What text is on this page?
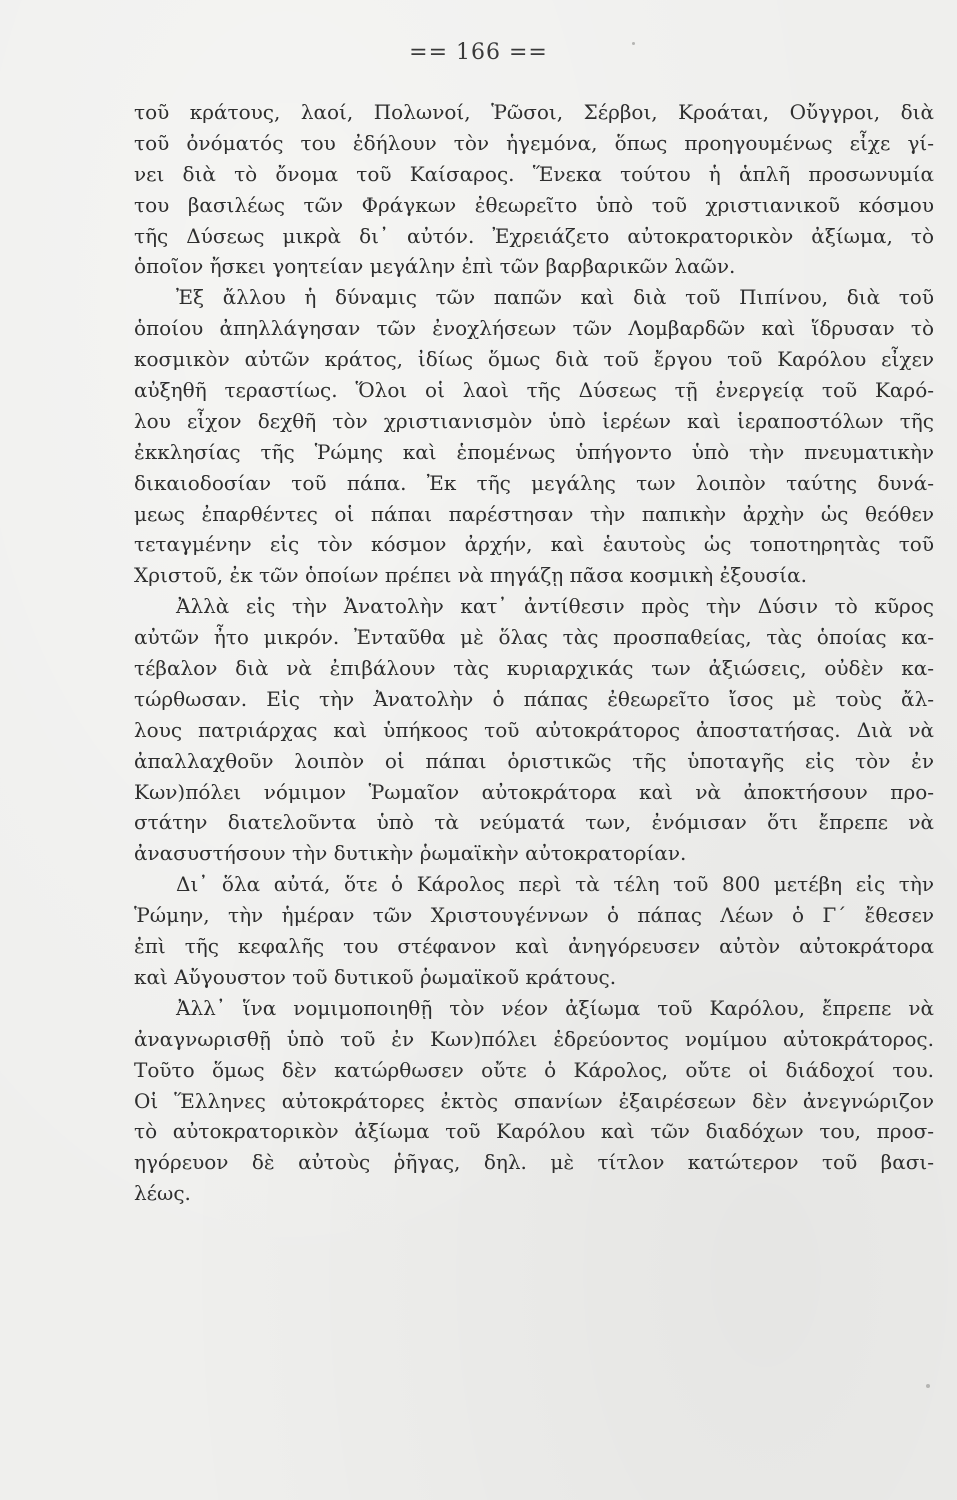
== 166 ==
τοῦ κράτους, λαοί, Πολωνοί, Ῥῶσοι, Σέρβοι, Κροάται, Οὔγγροι, διὰ
τοῦ ὀνόματός του ἐδήλουν τὸν ἡγεμόνα, ὅπως προηγουμένως εἶχε γί-
νει διὰ τὸ ὄνομα τοῦ Καίσαρος. Ἕνεκα τούτου ἡ ἁπλῆ προσωνυμία
του βασιλέως τῶν Φράγκων ἐθεωρεῖτο ὑπὸ τοῦ χριστιανικοῦ κόσμου
τῆς Δύσεως μικρὰ δι᾿ αὐτόν. Ἐχρειάζετο αὐτοκρατορικὸν ἀξίωμα, τὸ
ὁποῖον ἤσκει γοητείαν μεγάλην ἐπὶ τῶν βαρβαρικῶν λαῶν.
Ἐξ ἄλλου ἡ δύναμις τῶν παπῶν καὶ διὰ τοῦ Πιπίνου, διὰ τοῦ
ὁποίου ἀπηλλάγησαν τῶν ἐνοχλήσεων τῶν Λομβαρδῶν καὶ ἵδρυσαν τὸ
κοσμικὸν αὐτῶν κράτος, ἰδίως ὅμως διὰ τοῦ ἔργου τοῦ Καρόλου εἶχεν
αὐξηθῆ τεραστίως. Ὅλοι οἱ λαοὶ τῆς Δύσεως τῇ ἐνεργείᾳ τοῦ Καρό-
λου εἶχον δεχθῆ τὸν χριστιανισμὸν ὑπὸ ἱερέων καὶ ἱεραποστόλων τῆς
ἐκκλησίας τῆς Ῥώμης καὶ ἑπομένως ὑπήγοντο ὑπὸ τὴν πνευματικὴν
δικαιοδοσίαν τοῦ πάπα. Ἐκ τῆς μεγάλης των λοιπὸν ταύτης δυνά-
μεως ἐπαρθέντες οἱ πάπαι παρέστησαν τὴν παπικὴν ἀρχὴν ὡς θεόθεν
τεταγμένην εἰς τὸν κόσμον ἀρχήν, καὶ ἑαυτοὺς ὡς τοποτηρητὰς τοῦ
Χριστοῦ, ἐκ τῶν ὁποίων πρέπει νὰ πηγάζῃ πᾶσα κοσμικὴ ἐξουσία.
Ἀλλὰ εἰς τὴν Ἀνατολὴν κατ᾿ ἀντίθεσιν πρὸς τὴν Δύσιν τὸ κῦρος
αὐτῶν ἦτο μικρόν. Ἐνταῦθα μὲ ὅλας τὰς προσπαθείας, τὰς ὁποίας κα-
τέβαλον διὰ νὰ ἐπιβάλουν τὰς κυριαρχικάς των ἀξιώσεις, οὐδὲν κα-
τώρθωσαν. Εἰς τὴν Ἀνατολὴν ὁ πάπας ἐθεωρεῖτο ἴσος μὲ τοὺς ἄλ-
λους πατριάρχας καὶ ὑπήκοος τοῦ αὐτοκράτορος ἀποστατήσας. Διὰ νὰ
ἀπαλλαχθοῦν λοιπὸν οἱ πάπαι ὁριστικῶς τῆς ὑποταγῆς εἰς τὸν ἐν
Κων)πόλει νόμιμον Ῥωμαῖον αὐτοκράτορα καὶ νὰ ἀποκτήσουν προ-
στάτην διατελοῦντα ὑπὸ τὰ νεύματά των, ἐνόμισαν ὅτι ἔπρεπε νὰ
ἀνασυστήσουν τὴν δυτικὴν ῥωμαϊκὴν αὐτοκρατορίαν.
Δι᾿ ὅλα αὐτά, ὅτε ὁ Κάρολος περὶ τὰ τέλη τοῦ 800 μετέβη εἰς τὴν
Ῥώμην, τὴν ἡμέραν τῶν Χριστουγέννων ὁ πάπας Λέων ὁ Γ΄ ἔθεσεν
ἐπὶ τῆς κεφαλῆς του στέφανον καὶ ἀνηγόρευσεν αὐτὸν αὐτοκράτορα
καὶ Αὔγουστον τοῦ δυτικοῦ ῥωμαϊκοῦ κράτους.
Ἀλλ᾿ ἵνα νομιμοποιηθῇ τὸν νέον ἀξίωμα τοῦ Καρόλου, ἔπρεπε νὰ
ἀναγνωρισθῇ ὑπὸ τοῦ ἐν Κων)πόλει ἑδρεύοντος νομίμου αὐτοκράτορος.
Τοῦτο ὅμως δὲν κατώρθωσεν οὔτε ὁ Κάρολος, οὔτε οἱ διάδοχοί του.
Οἱ Ἕλληνες αὐτοκράτορες ἐκτὸς σπανίων ἐξαιρέσεων δὲν ἀνεγνώριζον
τὸ αὐτοκρατορικὸν ἀξίωμα τοῦ Καρόλου καὶ τῶν διαδόχων του, προσ-
ηγόρευον δὲ αὐτοὺς ῥῆγας, δηλ. μὲ τίτλον κατώτερον τοῦ βασι-
λέως.
